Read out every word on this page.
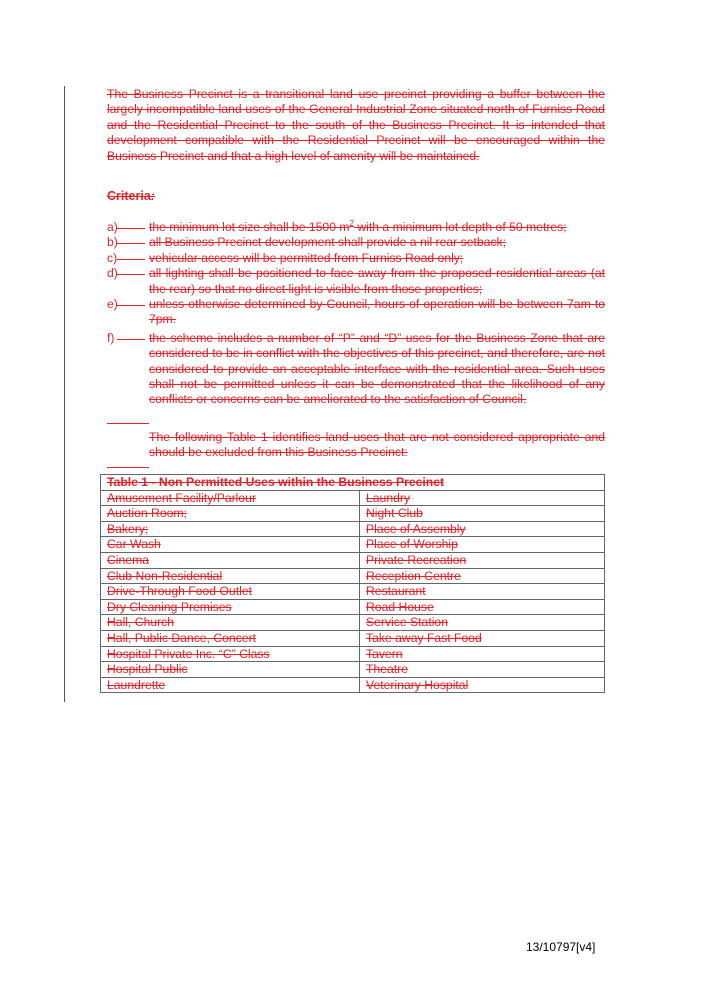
The Business Precinct is a transitional land use precinct providing a buffer between the largely incompatible land uses of the General Industrial Zone situated north of Furniss Road and the Residential Precinct to the south of the Business Precinct. It is intended that development compatible with the Residential Precinct will be encouraged within the Business Precinct and that a high level of amenity will be maintained.
Criteria:
a)	the minimum lot size shall be 1500 $m^2$ with a minimum lot depth of 50 metres;
b)	all Business Precinct development shall provide a nil rear setback;
c)	vehicular access will be permitted from Furniss Road only;
d)	all lighting shall be positioned to face away from the proposed residential areas (at the rear) so that no direct light is visible from those properties;
e)	unless otherwise determined by Council, hours of operation will be between 7am to 7pm.
f)	the scheme includes a number of “P” and “D” uses for the Business Zone that are considered to be in conflict with the objectives of this precinct, and therefore, are not considered to provide an acceptable interface with the residential area. Such uses shall not be permitted unless it can be demonstrated that the likelihood of any conflicts or concerns can be ameliorated to the satisfaction of Council.
The following Table 1 identifies land uses that are not considered appropriate and should be excluded from this Business Precinct:
Table 1 - Non Permitted Uses within the Business Precinct	
Amusement Facility/Parlour	Laundry
Auction Room;	Night Club
Bakery;	Place of Assembly
Car Wash	Place of Worship
Cinema	Private Recreation
Club Non-Residential	Reception Centre
Drive-Through Food Outlet	Restaurant
Dry Cleaning Premises	Road House
Hall, Church	Service Station
Hall, Public Dance, Concert	Take away Fast Food
Hospital Private Inc. “C” Class	Tavern
Hospital Public	Theatre
Laundrette	Veterinary Hospital
13/10797[v4]
